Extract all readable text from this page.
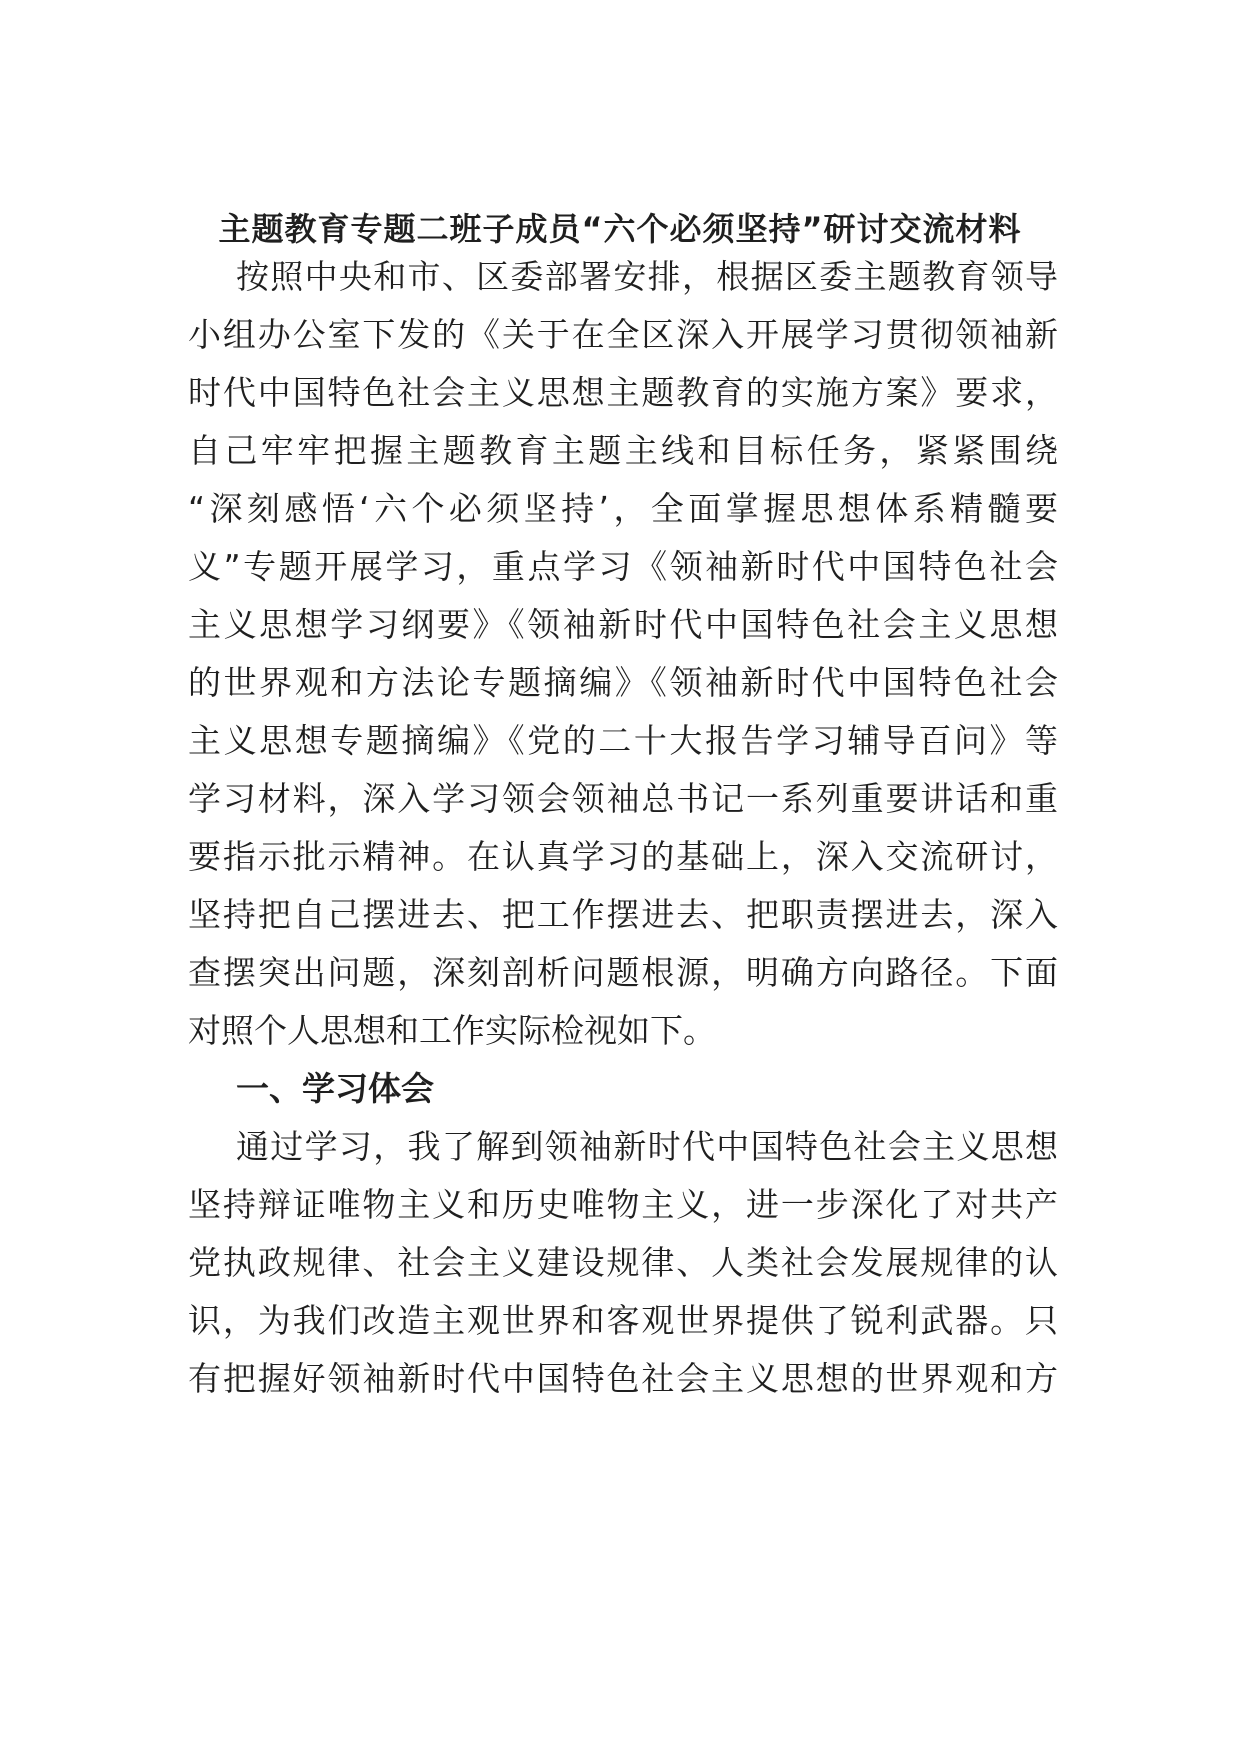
主题教育专题二班子成员“六个必须坚持”研讨交流材料
按照中央和市、区委部署安排，根据区委主题教育领导
小组办公室下发的《关于在全区深入开展学习贯彻领袖新
时代中国特色社会主义思想主题教育的实施方案》要求，
自己牢牢把握主题教育主题主线和目标任务，紧紧围绕
“深刻感悟‘六个必须坚持’，全面掌握思想体系精髓要
义”专题开展学习，重点学习《领袖新时代中国特色社会
主义思想学习纲要》《领袖新时代中国特色社会主义思想
的世界观和方法论专题摘编》《领袖新时代中国特色社会
主义思想专题摘编》《党的二十大报告学习辅导百问》等
学习材料，深入学习领会领袖总书记一系列重要讲话和重
要指示批示精神。在认真学习的基础上，深入交流研讨，
坚持把自己摆进去、把工作摆进去、把职责摆进去，深入
查摆突出问题，深刻剖析问题根源，明确方向路径。下面
对照个人思想和工作实际检视如下。
一、学习体会
通过学习，我了解到领袖新时代中国特色社会主义思想
坚持辩证唯物主义和历史唯物主义，进一步深化了对共产
党执政规律、社会主义建设规律、人类社会发展规律的认
识，为我们改造主观世界和客观世界提供了锐利武器。只
有把握好领袖新时代中国特色社会主义思想的世界观和方
